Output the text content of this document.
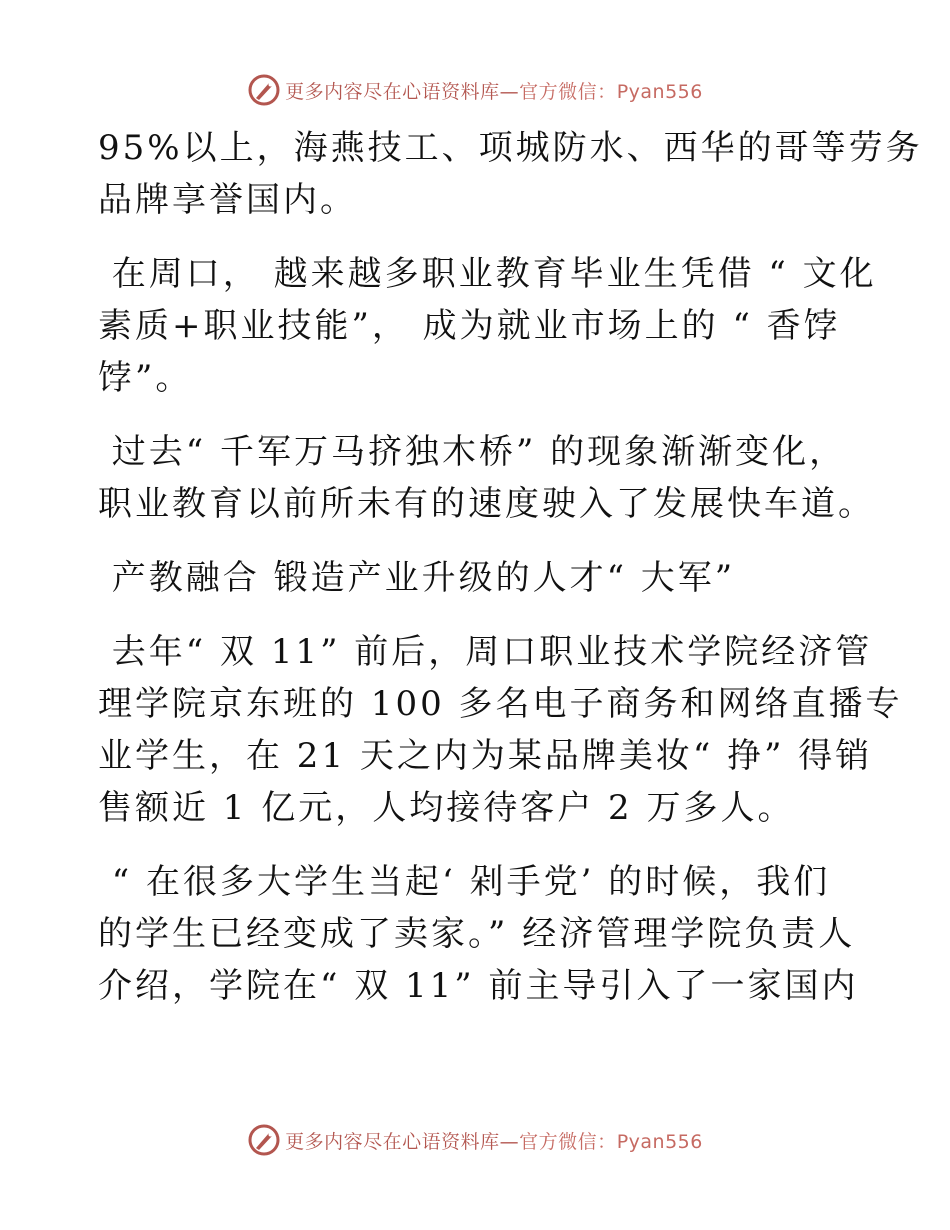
更多内容尽在心语资料库—官方微信：Pyan556
95%以上，海燕技工、项城防水、西华的哥等劳务
品牌享誉国内。
在周口， 越来越多职业教育毕业生凭借 “ 文化
素质+职业技能”， 成为就业市场上的 “ 香饽
饽”。
过去“ 千军万马挤独木桥” 的现象渐渐变化，
职业教育以前所未有的速度驶入了发展快车道。
产教融合 锻造产业升级的人才“ 大军”
去年“ 双 11” 前后，周口职业技术学院经济管
理学院京东班的 100 多名电子商务和网络直播专
业学生，在 21 天之内为某品牌美妆“ 挣” 得销
售额近 1 亿元，人均接待客户 2 万多人。
“ 在很多大学生当起‘ 剁手党’ 的时候，我们
的学生已经变成了卖家。” 经济管理学院负责人
介绍，学院在“ 双 11” 前主导引入了一家国内
更多内容尽在心语资料库—官方微信：Pyan556
